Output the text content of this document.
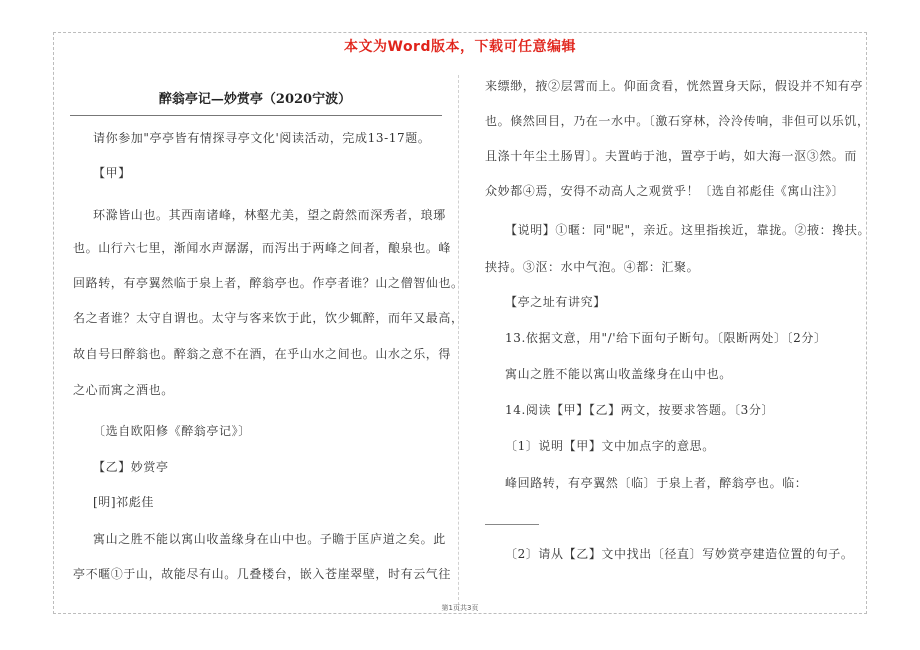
本文为Word版本，下载可任意编辑
醉翁亭记—妙赏亭（2020宁波）
请你参加"亭亭皆有情探寻亭文化'阅读活动，完成13-17题。
【甲】
环滁皆山也。其西南诸峰，林壑尤美，望之蔚然而深秀者，琅琊
也。山行六七里，渐闻水声潺潺，而泻出于两峰之间者，酿泉也。峰
回路转，有亭翼然临于泉上者，醉翁亭也。作亭者谁？山之僧智仙也。
名之者谁？太守自谓也。太守与客来饮于此，饮少辄醉，而年又最高，
故自号曰醉翁也。醉翁之意不在酒，在乎山水之间也。山水之乐，得
之心而寓之酒也。
〔选自欧阳修《醉翁亭记》〕
【乙】妙赏亭
[明]祁彪佳
寓山之胜不能以寓山收盖缘身在山中也。子瞻于匡庐道之矣。此
亭不暱①于山，故能尽有山。几叠楼台，嵌入苍崖翠壁，时有云气往
来缥缈，掖②层霄而上。仰面贪看，恍然置身天际，假设并不知有亭
也。倏然回目，乃在一水中。〔激石穿林，泠泠传响，非但可以乐饥，
且涤十年尘土肠胃〕。夫置屿于池，置亭于屿，如大海一沤③然。而
众妙都④焉，安得不动高人之观赏乎！〔选自祁彪佳《寓山注》〕
【说明】①暱：同"昵"，亲近。这里指挨近，靠拢。②掖：搀扶。
挟持。③沤：水中气泡。④都：汇聚。
【亭之址有讲究】
13.依据文意，用"/'给下面句子断句。〔限断两处〕〔2分〕
寓山之胜不能以寓山收盖缘身在山中也。
14.阅读【甲】【乙】两文，按要求答题。〔3分〕
〔1〕说明【甲】文中加点字的意思。
峰回路转，有亭翼然〔临〕于泉上者，醉翁亭也。临：
〔2〕请从【乙】文中找出〔径直〕写妙赏亭建造位置的句子。
第1页共3页
